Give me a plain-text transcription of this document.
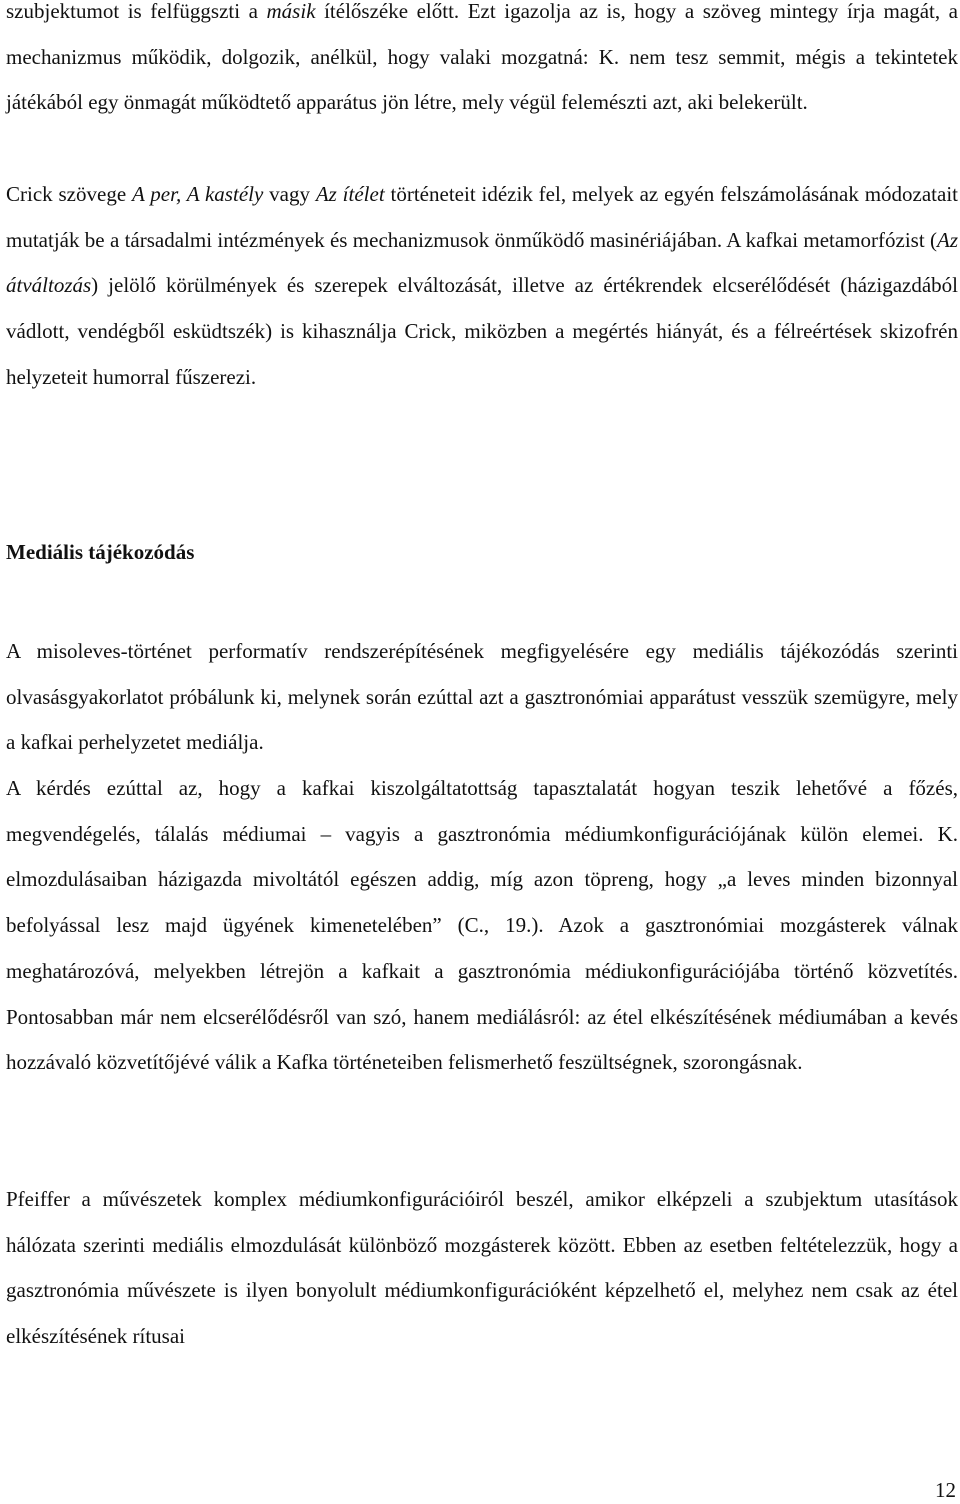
szubjektumot is felfüggszti a másik ítélőszéke előtt. Ezt igazolja az is, hogy a szöveg mintegy írja magát, a mechanizmus működik, dolgozik, anélkül, hogy valaki mozgatná: K. nem tesz semmit, mégis a tekintetek játékából egy önmagát működtető apparátus jön létre, mely végül felemészti azt, aki belekerült.

Crick szövege A per, A kastély vagy Az ítélet történeteit idézik fel, melyek az egyén felszámolásának módozatait mutatják be a társadalmi intézmények és mechanizmusok önműködő masinériájában. A kafkai metamorfózist (Az átváltozás) jelölő körülmények és szerepek elváltozását, illetve az értékrendek elcserélődését (házigazdából vádlott, vendégből esküdtszék) is kihasználja Crick, miközben a megértés hiányát, és a félreértések skizofrén helyzeteit humorral fűszerezi.

Mediális tájékozódás

A misoleves-történet performatív rendszerépítésének megfigyelésére egy mediális tájékozódás szerinti olvasásgyakorlatot próbálunk ki, melynek során ezúttal azt a gasztronómiai apparátust vesszük szemügyre, mely a kafkai perhelyzetet mediálja.

A kérdés ezúttal az, hogy a kafkai kiszolgáltatottság tapasztalatát hogyan teszik lehetővé a főzés, megvendégelés, tálalás médiumai – vagyis a gasztronómia médiumkonfigurációjának külön elemei. K. elmozdulásaiban házigazda mivoltától egészen addig, míg azon töpreng, hogy „a leves minden bizonnyal befolyással lesz majd ügyének kimenetelében” (C., 19.). Azok a gasztronómiai mozgásterek válnak meghatározóvá, melyekben létrejön a kafkait a gasztronómia médiukonfigurációjába történő közvetítés. Pontosabban már nem elcserélődésről van szó, hanem mediálásról: az étel elkészítésének médiumában a kevés hozzávaló közvetítőjévé válik a Kafka történeteiben felismerhető feszültségnek, szorongásnak.

Pfeiffer a művészetek komplex médiumkonfigurációiról beszél, amikor elképzeli a szubjektum utasítások hálózata szerinti mediális elmozdulását különböző mozgásterek között. Ebben az esetben feltételezzük, hogy a gasztronómia művészete is ilyen bonyolult médiumkonfigurációként képzelhető el, melyhez nem csak az étel elkészítésének rítusai

12
